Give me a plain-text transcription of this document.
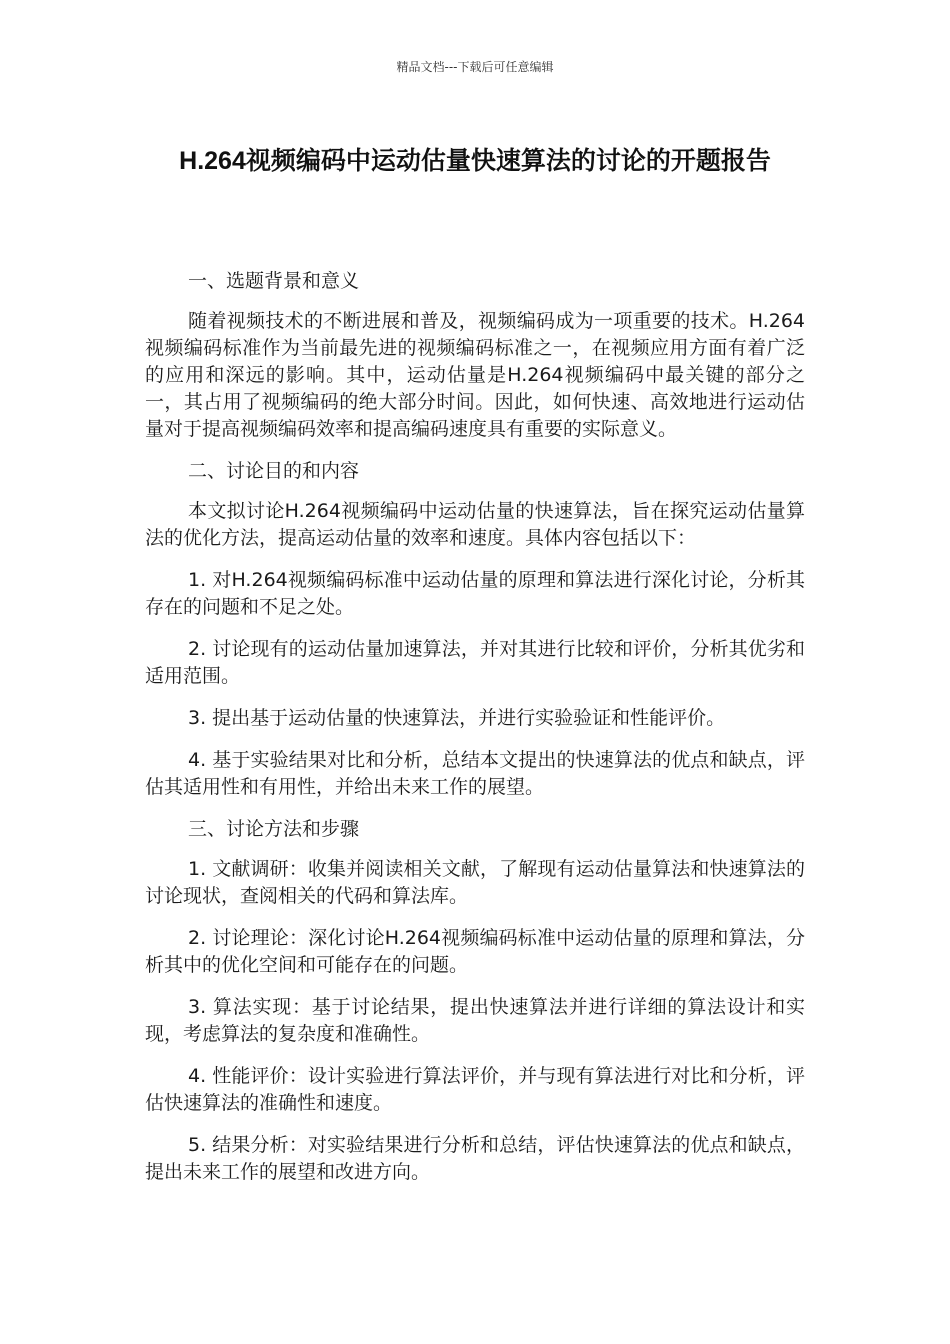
精品文档---下载后可任意编辑
H.264视频编码中运动估量快速算法的讨论的开题报告

一、选题背景和意义

随着视频技术的不断进展和普及，视频编码成为一项重要的技术。H.264视频编码标准作为当前最先进的视频编码标准之一，在视频应用方面有着广泛的应用和深远的影响。其中，运动估量是H.264视频编码中最关键的部分之一，其占用了视频编码的绝大部分时间。因此，如何快速、高效地进行运动估量对于提高视频编码效率和提高编码速度具有重要的实际意义。

二、讨论目的和内容

本文拟讨论H.264视频编码中运动估量的快速算法，旨在探究运动估量算法的优化方法，提高运动估量的效率和速度。具体内容包括以下：

1. 对H.264视频编码标准中运动估量的原理和算法进行深化讨论，分析其存在的问题和不足之处。

2. 讨论现有的运动估量加速算法，并对其进行比较和评价，分析其优劣和适用范围。

3. 提出基于运动估量的快速算法，并进行实验验证和性能评价。

4. 基于实验结果对比和分析，总结本文提出的快速算法的优点和缺点，评估其适用性和有用性，并给出未来工作的展望。

三、讨论方法和步骤

1. 文献调研：收集并阅读相关文献，了解现有运动估量算法和快速算法的讨论现状，查阅相关的代码和算法库。

2. 讨论理论：深化讨论H.264视频编码标准中运动估量的原理和算法，分析其中的优化空间和可能存在的问题。

3. 算法实现：基于讨论结果，提出快速算法并进行详细的算法设计和实现，考虑算法的复杂度和准确性。

4. 性能评价：设计实验进行算法评价，并与现有算法进行对比和分析，评估快速算法的准确性和速度。

5. 结果分析：对实验结果进行分析和总结，评估快速算法的优点和缺点，提出未来工作的展望和改进方向。
